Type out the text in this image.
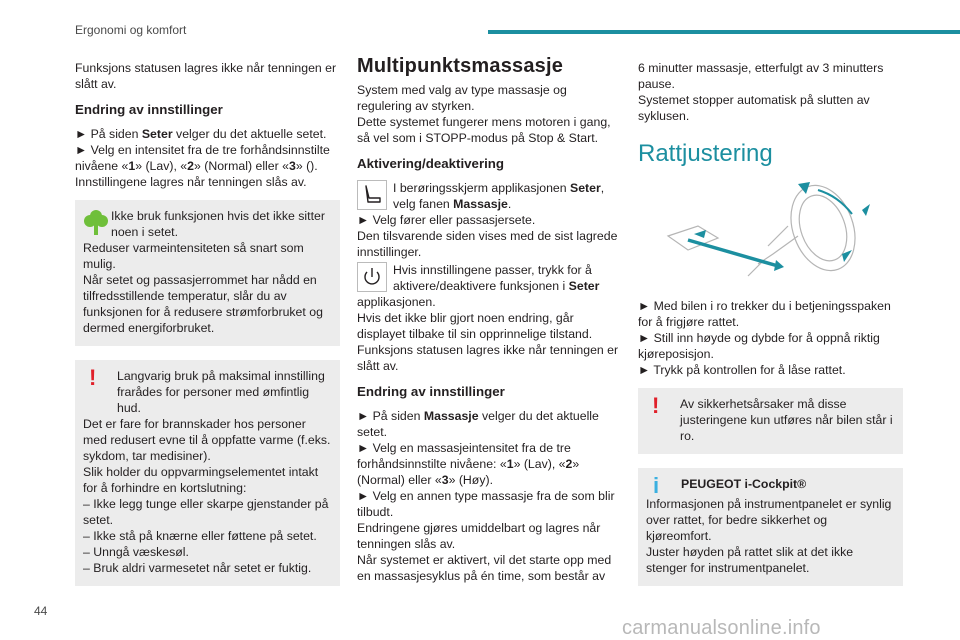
Ergonomi og komfort

Funksjons statusen lagres ikke når tenningen er slått av.

Endring av innstillinger

► På siden Seter velger du det aktuelle setet.

► Velg en intensitet fra de tre forhåndsinnstilte nivåene «1» (Lav), «2» (Normal) eller «3» ().

Innstillingene lagres når tenningen slås av.

Ikke bruk funksjonen hvis det ikke sitter noen i setet.

Reduser varmeintensiteten så snart som mulig.

Når setet og passasjerrommet har nådd en tilfredsstillende temperatur, slår du av funksjonen for å redusere strømforbruket og dermed energiforbruket.

!	Langvarig bruk på maksimal innstilling frarådes for personer med ømfintlig hud.

Det er fare for brannskader hos personer med redusert evne til å oppfatte varme (f.eks. sykdom, tar medisiner).

Slik holder du oppvarmingselementet intakt for å forhindre en kortslutning:

– Ikke legg tunge eller skarpe gjenstander på setet.

– Ikke stå på knærne eller føttene på setet.

– Unngå væskesøl.

– Bruk aldri varmesetet når setet er fuktig.

Multipunktsmassasje

System med valg av type massasje og regulering av styrken.

Dette systemet fungerer mens motoren i gang, så vel som i STOPP-modus på Stop & Start.

Aktivering/deaktivering

I berøringsskjerm applikasjonen Seter, velg fanen Massasje.

► Velg fører eller passasjersete.

Den tilsvarende siden vises med de sist lagrede innstillinger.

Hvis innstillingene passer, trykk for å aktivere/deaktivere funksjonen i Seter

applikasjonen.

Hvis det ikke blir gjort noen endring, går displayet tilbake til sin opprinnelige tilstand.

Funksjons statusen lagres ikke når tenningen er slått av.

Endring av innstillinger

► På siden Massasje velger du det aktuelle setet.

► Velg en massasjeintensitet fra de tre forhåndsinnstilte nivåene: «1» (Lav), «2» (Normal) eller «3» (Høy).

► Velg en annen type massasje fra de som blir tilbudt.

Endringene gjøres umiddelbart og lagres når tenningen slås av.

Når systemet er aktivert, vil det starte opp med en massasjesyklus på én time, som består av

6 minutter massasje, etterfulgt av 3 minutters pause.

Systemet stopper automatisk på slutten av syklusen.

Rattjustering

► Med bilen i ro trekker du i betjeningsspaken for å frigjøre rattet.

► Still inn høyde og dybde for å oppnå riktig kjøreposisjon.

► Trykk på kontrollen for å låse rattet.

!	Av sikkerhetsårsaker må disse justeringene kun utføres når bilen står i ro.

i	PEUGEOT i-Cockpit®

Informasjonen på instrumentpanelet er synlig over rattet, for bedre sikkerhet og kjøreomfort.

Juster høyden på rattet slik at det ikke stenger for instrumentpanelet.

44
carmanualsonline.info
